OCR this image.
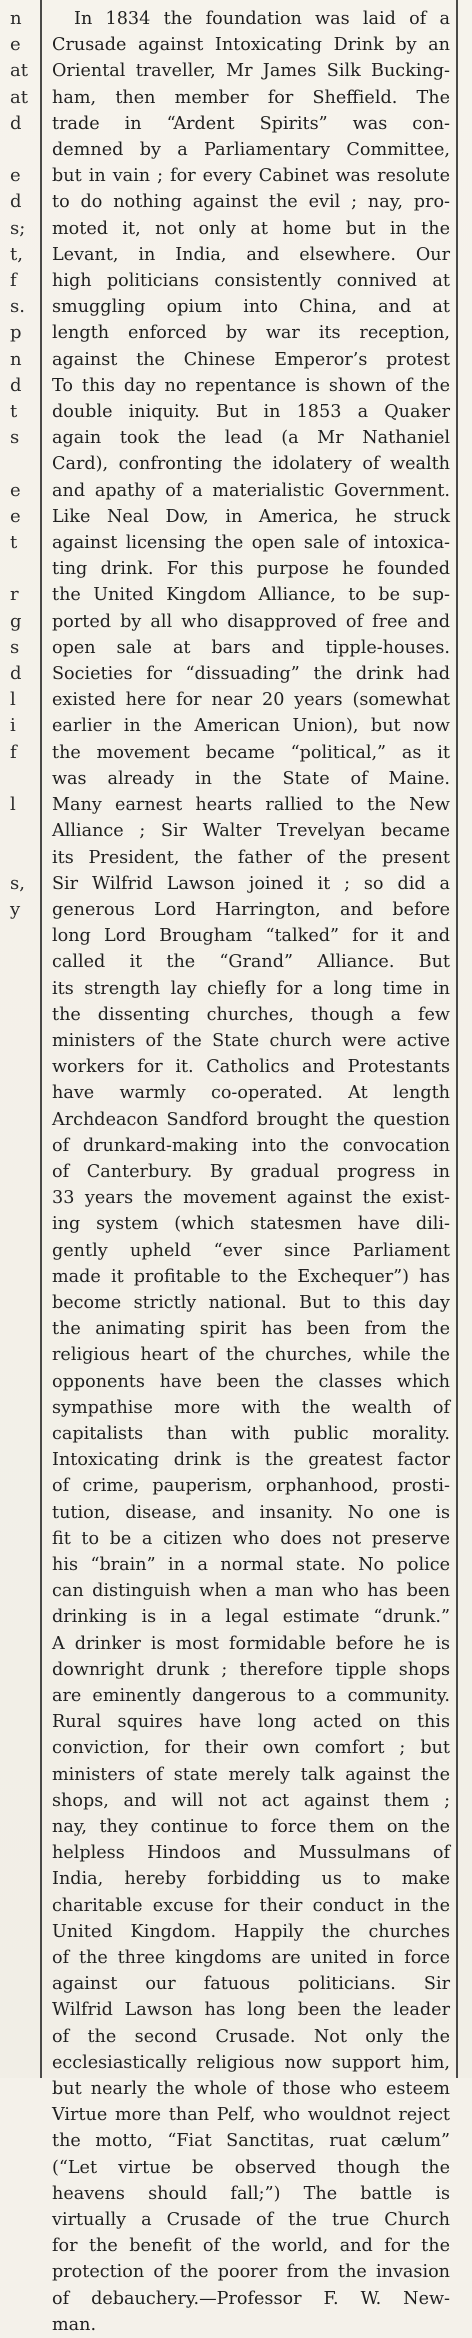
n
e
at
at
d
e
d
s;
t,
f
s.
p
n
d
t
s
e
e
t
r
g
s
d
l
i
f
l
s,
y
In 1834 the foundation was laid of a
Crusade against Intoxicating Drink by an
Oriental traveller, Mr James Silk Bucking-
ham, then member for Sheffield. The
trade in “Ardent Spirits” was con-
demned by a Parliamentary Committee,
but in vain ; for every Cabinet was resolute
to do nothing against the evil ; nay, pro-
moted it, not only at home but in the
Levant, in India, and elsewhere. Our
high politicians consistently connived at
smuggling opium into China, and at
length enforced by war its reception,
against the Chinese Emperor’s protest
To this day no repentance is shown of the
double iniquity. But in 1853 a Quaker
again took the lead (a Mr Nathaniel
Card), confronting the idolatery of wealth
and apathy of a materialistic Government.
Like Neal Dow, in America, he struck
against licensing the open sale of intoxica-
ting drink. For this purpose he founded
the United Kingdom Alliance, to be sup-
ported by all who disapproved of free and
open sale at bars and tipple-houses.
Societies for “dissuading” the drink had
existed here for near 20 years (somewhat
earlier in the American Union), but now
the movement became “political,” as it
was already in the State of Maine.
Many earnest hearts rallied to the New
Alliance ; Sir Walter Trevelyan became
its President, the father of the present
Sir Wilfrid Lawson joined it ; so did a
generous Lord Harrington, and before
long Lord Brougham “talked” for it and
called it the “Grand” Alliance. But
its strength lay chiefly for a long time in
the dissenting churches, though a few
ministers of the State church were active
workers for it. Catholics and Protestants
have warmly co-operated. At length
Archdeacon Sandford brought the question
of drunkard-making into the convocation
of Canterbury. By gradual progress in
33 years the movement against the exist-
ing system (which statesmen have dili-
gently upheld “ever since Parliament
made it profitable to the Exchequer”) has
become strictly national. But to this day
the animating spirit has been from the
religious heart of the churches, while the
opponents have been the classes which
sympathise more with the wealth of
capitalists than with public morality.
Intoxicating drink is the greatest factor
of crime, pauperism, orphanhood, prosti-
tution, disease, and insanity. No one is
fit to be a citizen who does not preserve
his “brain” in a normal state. No police
can distinguish when a man who has been
drinking is in a legal estimate “drunk.”
A drinker is most formidable before he is
downright drunk ; therefore tipple shops
are eminently dangerous to a community.
Rural squires have long acted on this
conviction, for their own comfort ; but
ministers of state merely talk against the
shops, and will not act against them ;
nay, they continue to force them on the
helpless Hindoos and Mussulmans of
India, hereby forbidding us to make
charitable excuse for their conduct in the
United Kingdom. Happily the churches
of the three kingdoms are united in force
against our fatuous politicians. Sir
Wilfrid Lawson has long been the leader
of the second Crusade. Not only the
ecclesiastically religious now support him,
but nearly the whole of those who esteem
Virtue more than Pelf, who wouldnot reject
the motto, “Fiat Sanctitas, ruat cælum”
(“Let virtue be observed though the
heavens should fall;”) The battle is
virtually a Crusade of the true Church
for the benefit of the world, and for the
protection of the poorer from the invasion
of debauchery.—Professor F. W. New-
man.
